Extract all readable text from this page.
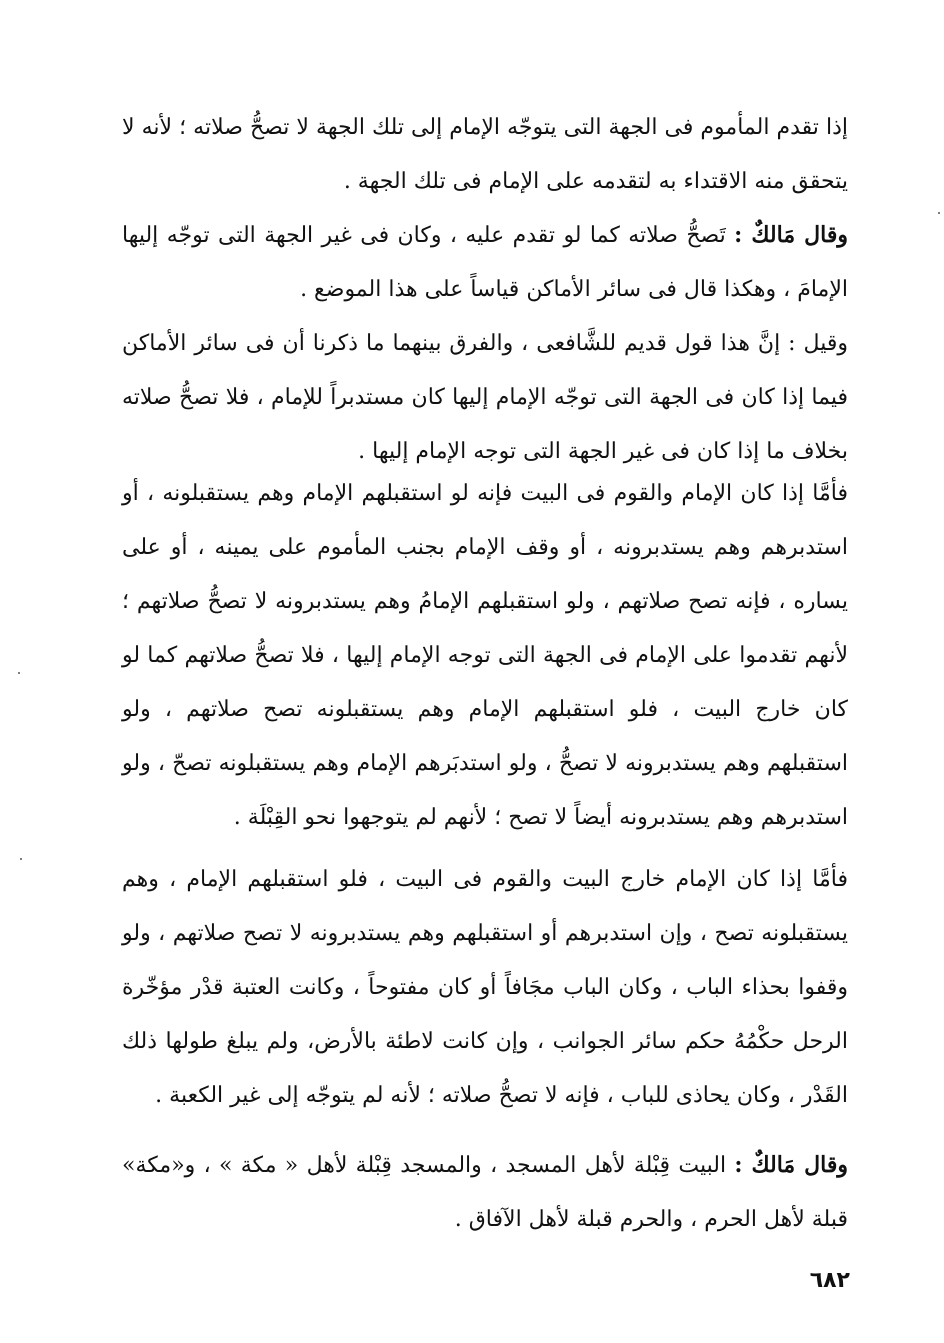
إذا تقدم المأموم فى الجهة التى يتوجّه الإمام إلى تلك الجهة لا تصحُّ صلاته ؛ لأنه لا يتحقق منه الاقتداء به لتقدمه على الإمام فى تلك الجهة .

وقال مَالكٌ : تَصحُّ صلاته كما لو تقدم عليه ، وكان فى غير الجهة التى توجّه إليها الإمامَ ، وهكذا قال فى سائر الأماكن قياساً على هذا الموضع .

وقيل : إنَّ هذا قول قديم للشَّافعى ، والفرق بينهما ما ذكرنا أن فى سائر الأماكن فيما إذا كان فى الجهة التى توجّه الإمام إليها كان مستدبراً للإمام ، فلا تصحُّ صلاته بخلاف ما إذا كان فى غير الجهة التى توجه الإمام إليها .

فأمَّا إذا كان الإمام والقوم فى البيت فإنه لو استقبلهم الإمام وهم يستقبلونه ، أو استدبرهم وهم يستدبرونه ، أو وقف الإمام بجنب المأموم على يمينه ، أو على يساره ، فإنه تصح صلاتهم ، ولو استقبلهم الإمامُ وهم يستدبرونه لا تصحُّ صلاتهم ؛ لأنهم تقدموا على الإمام فى الجهة التى توجه الإمام إليها ، فلا تصحُّ صلاتهم كما لو كان خارج البيت ، فلو استقبلهم الإمام وهم يستقبلونه تصح صلاتهم ، ولو استقبلهم وهم يستدبرونه لا تصحُّ ، ولو استدبَرهم الإمام وهم يستقبلونه تصحّ ، ولو استدبرهم وهم يستدبرونه أيضاً لا تصح ؛ لأنهم لم يتوجهوا نحو القِبْلَة .

فأمَّا إذا كان الإمام خارج البيت والقوم فى البيت ، فلو استقبلهم الإمام ، وهم يستقبلونه تصح ، وإن استدبرهم أو استقبلهم وهم يستدبرونه لا تصح صلاتهم ، ولو وقفوا بحذاء الباب ، وكان الباب مجَافاً أو كان مفتوحاً ، وكانت العتبة قدْر مؤخّرة الرحل حكْمُهُ حكم سائر الجوانب ، وإن كانت لاطئة بالأرض، ولم يبلغ طولها ذلك القَدْر ، وكان يحاذى للباب ، فإنه لا تصحُّ صلاته ؛ لأنه لم يتوجّه إلى غير الكعبة .

وقال مَالكٌ : البيت قِبْلة لأهل المسجد ، والمسجد قِبْلة لأهل « مكة » ، و«مكة» قبلة لأهل الحرم ، والحرم قبلة لأهل الآفاق .

٦٨٢
